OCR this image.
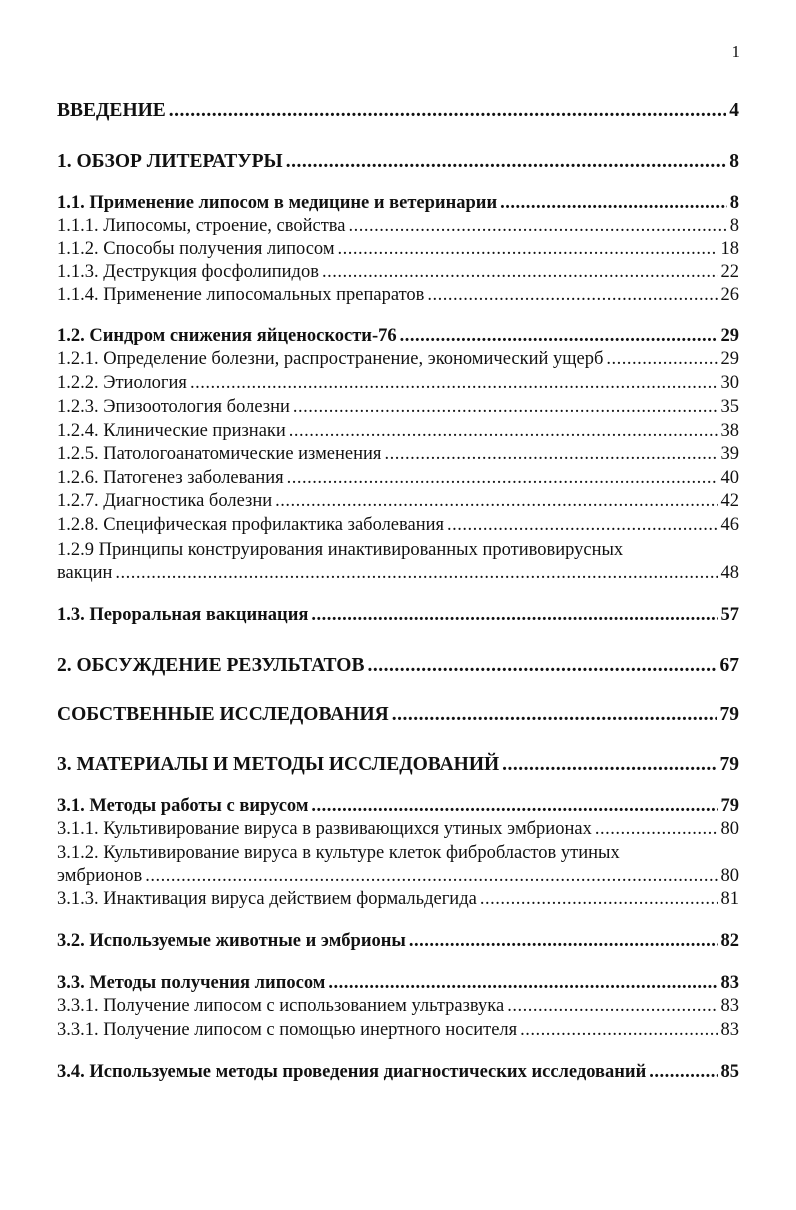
1
ВВЕДЕНИЕ .....	4
1. ОБЗОР ЛИТЕРАТУРЫ .....	8
1.1. Применение липосом в медицине и ветеринарии .....	8
1.1.1. Липосомы, строение, свойства .....	8
1.1.2. Способы получения липосом .....	18
1.1.3. Деструкция фосфолипидов .....	22
1.1.4. Применение липосомальных препаратов .....	26
1.2. Синдром снижения яйценоскости-76 .....	29
1.2.1. Определение болезни, распространение, экономический ущерб .....	29
1.2.2. Этиология .....	30
1.2.3. Эпизоотология болезни .....	35
1.2.4. Клинические признаки .....	38
1.2.5. Патологоанатомические изменения .....	39
1.2.6. Патогенез заболевания .....	40
1.2.7. Диагностика болезни .....	42
1.2.8. Специфическая профилактика заболевания .....	46
1.2.9 Принципы конструирования инактивированных противовирусных
вакцин .....	48
1.3. Пероральная вакцинация .....	57
2. ОБСУЖДЕНИЕ РЕЗУЛЬТАТОВ .....	67
СОБСТВЕННЫЕ ИССЛЕДОВАНИЯ .....	79
3. МАТЕРИАЛЫ И МЕТОДЫ ИССЛЕДОВАНИЙ .....	79
3.1. Методы работы с вирусом .....	79
3.1.1. Культивирование вируса в развивающихся утиных эмбрионах .....	80
3.1.2. Культивирование вируса в культуре клеток фибробластов утиных
эмбрионов .....	80
3.1.3. Инактивация вируса действием формальдегида .....	81
3.2. Используемые животные и эмбрионы .....	82
3.3. Методы получения липосом .....	83
3.3.1. Получение липосом с использованием ультразвука .....	83
3.3.1. Получение липосом с помощью инертного носителя .....	83
3.4. Используемые методы проведения диагностических исследований .....	85
